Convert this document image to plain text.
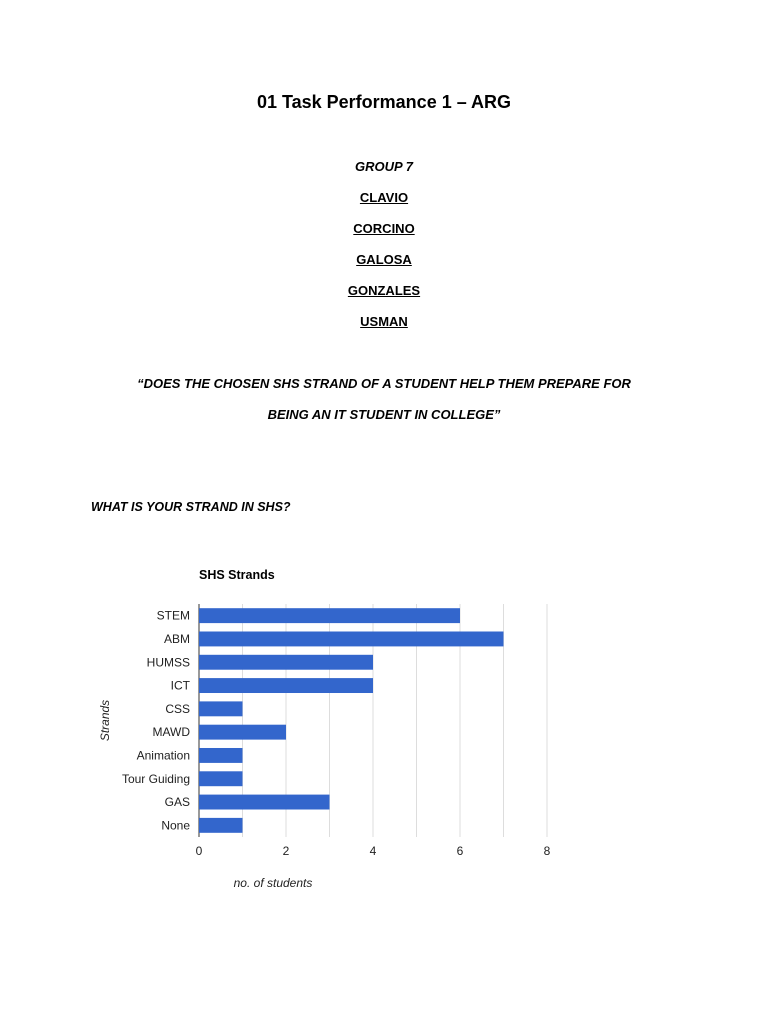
01 Task Performance 1 – ARG
GROUP 7
CLAVIO
CORCINO
GALOSA
GONZALES
USMAN
“DOES THE CHOSEN SHS STRAND OF A STUDENT HELP THEM PREPARE FOR
BEING AN IT STUDENT IN COLLEGE”
WHAT IS YOUR STRAND IN SHS?
SHS Strands
STEM
ABM
HUMSS
ICT
CSS
MAWD
Animation
Tour Guiding
GAS
None
0	2	4	6	8
no. of students
Strands
